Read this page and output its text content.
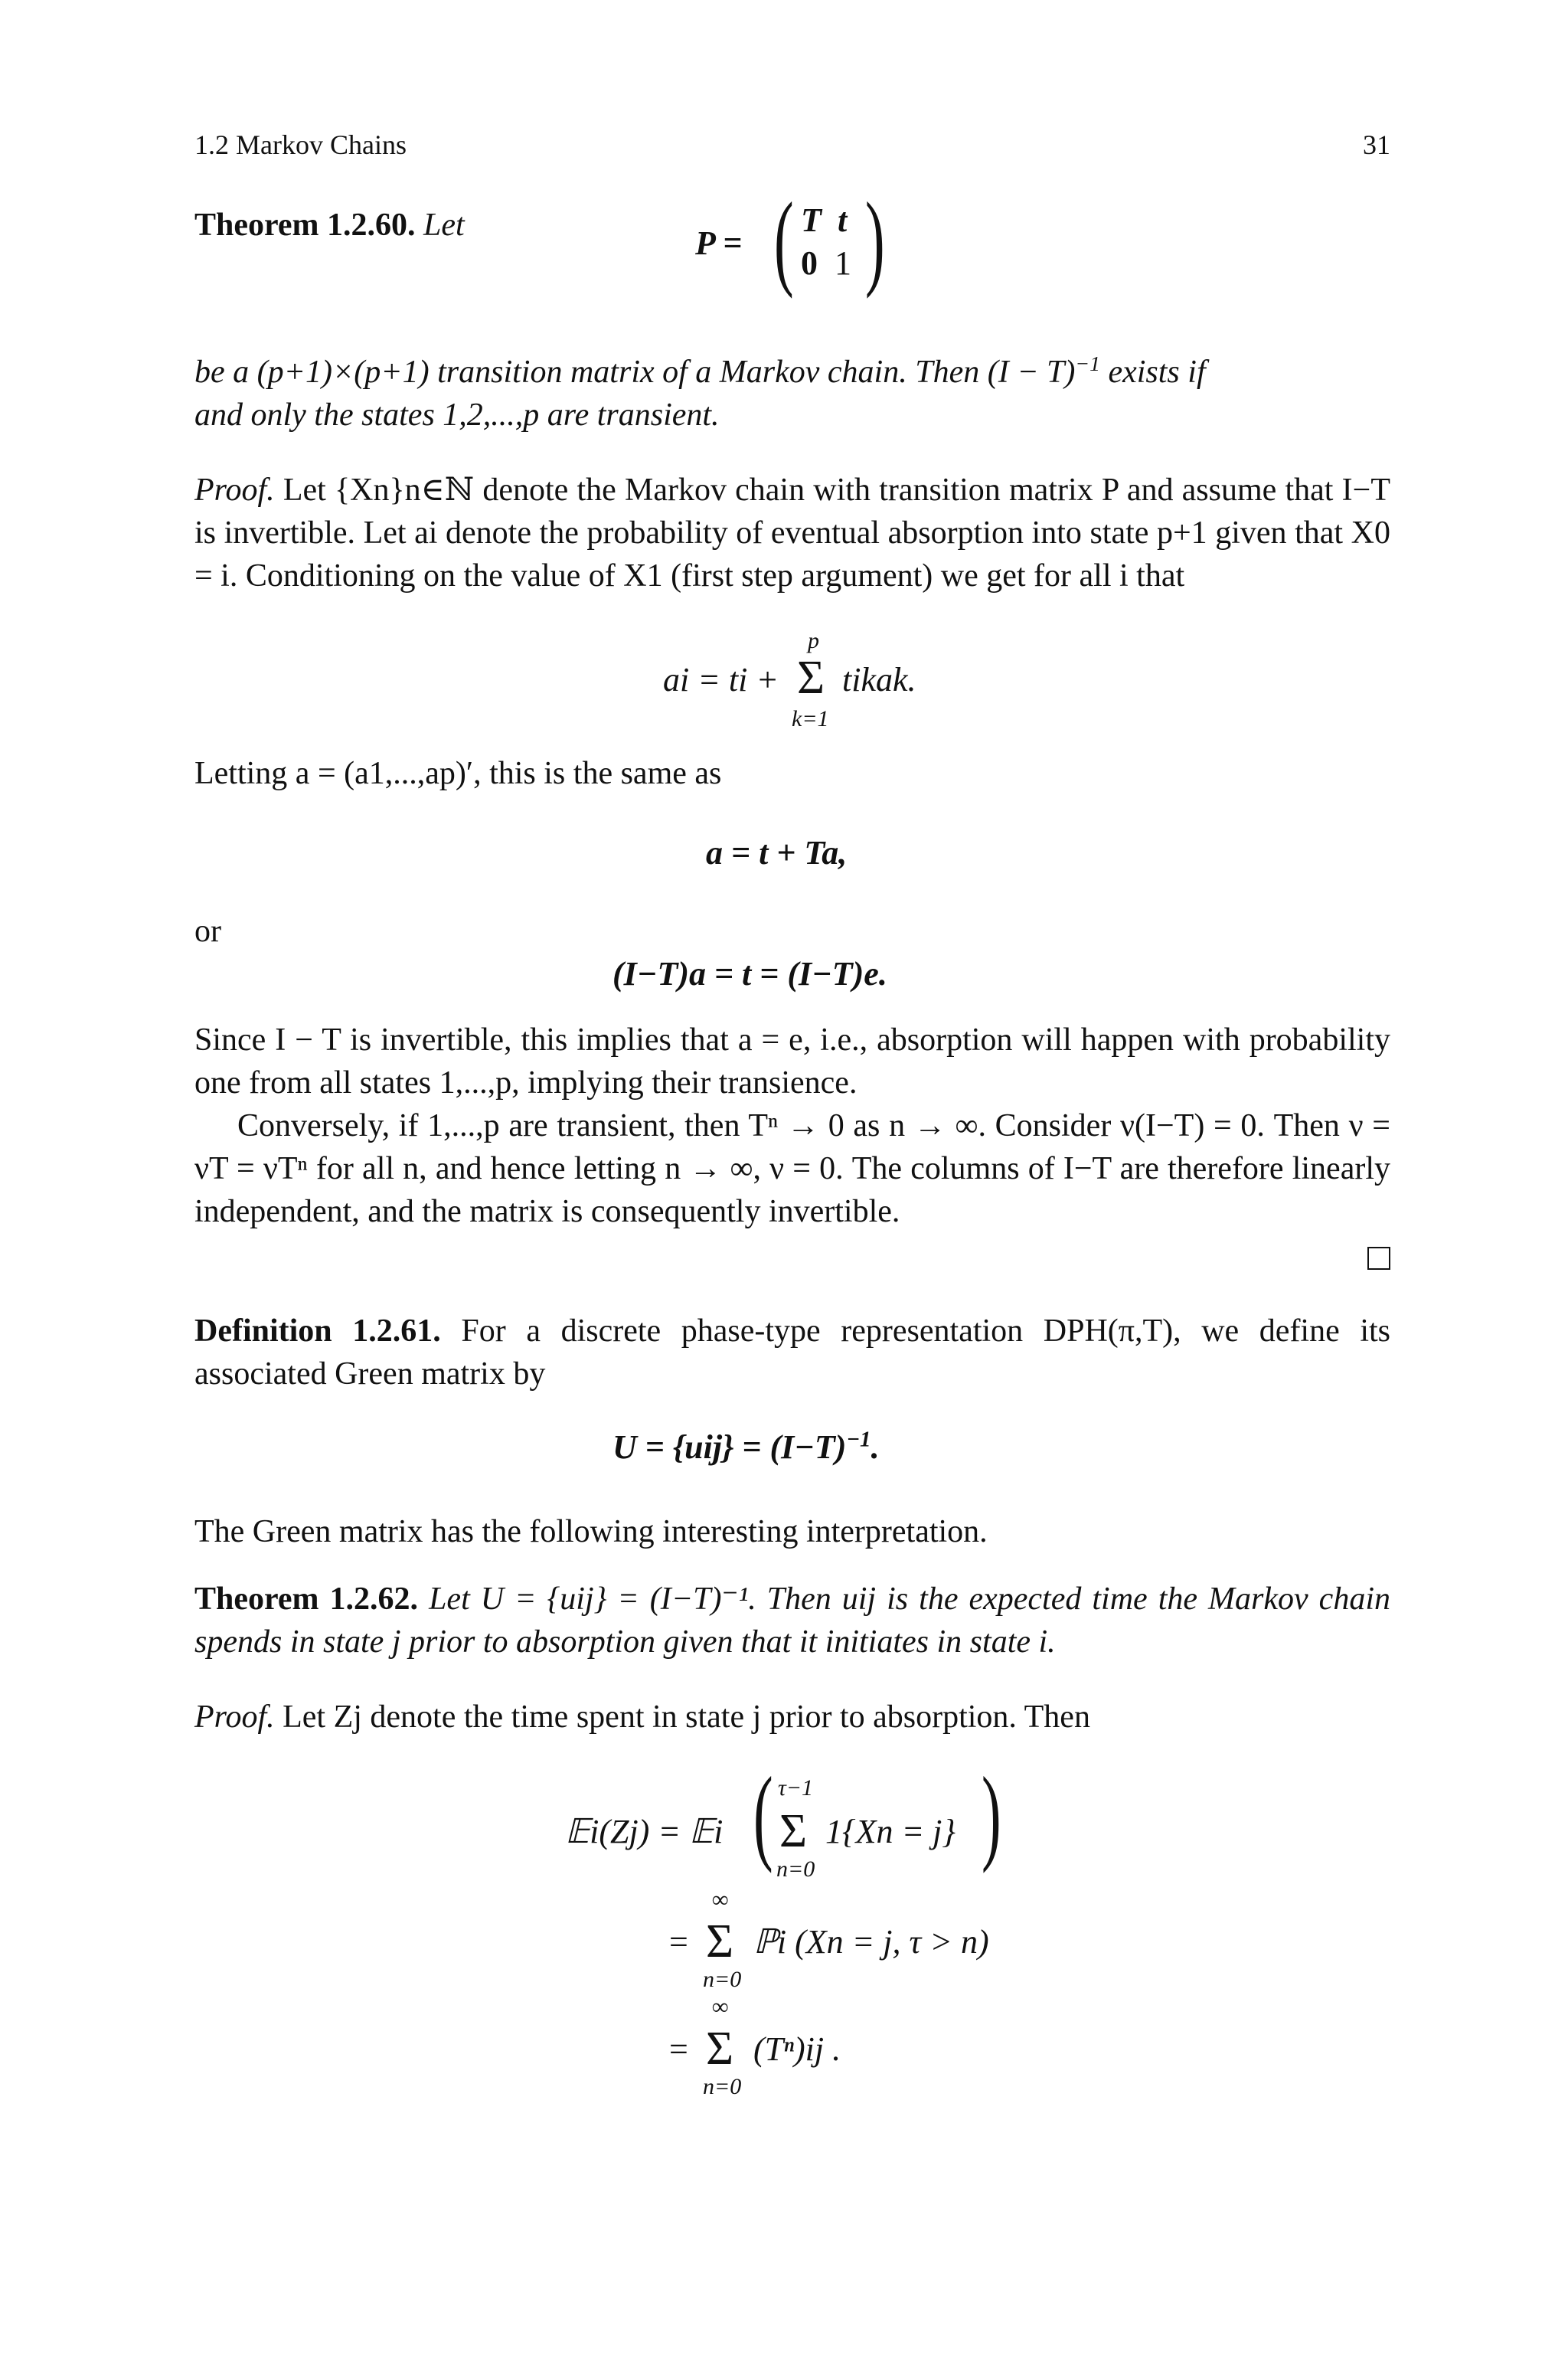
1.2 Markov Chains	31
Theorem 1.2.60. Let	P = ( T t
0 1 )
be a (p+1)×(p+1) transition matrix of a Markov chain. Then $(I - T)^{-1}$ exists if
and only the states 1,2,...,p are transient.
Proof. Let {Xn}n∈ℕ denote the Markov chain with transition matrix P and assume that I−T is invertible. Let ai denote the probability of eventual absorption into state p+1 given that X0 = i. Conditioning on the value of X1 (first step argument) we get for all i that
p
ai = ti + Σ tikak.
k=1
Letting a = (a1,...,ap)′, this is the same as
a = t + Ta,
or
(I−T)a = t = (I−T)e.
Since I − T is invertible, this implies that a = e, i.e., absorption will happen with probability one from all states 1,...,p, implying their transience.
Conversely, if 1,...,p are transient, then Tⁿ → 0 as n → ∞. Consider ν(I−T) = 0. Then ν = νT = νTⁿ for all n, and hence letting n → ∞, ν = 0. The columns of I−T are therefore linearly independent, and the matrix is consequently invertible.
Definition 1.2.61. For a discrete phase-type representation DPH(π,T), we define its associated Green matrix by
$U = \{uij\} = (I-T)^{-1}$.
The Green matrix has the following interesting interpretation.
Theorem 1.2.62. Let U = {uij} = (I−T)⁻¹. Then uij is the expected time the Markov chain spends in state j prior to absorption given that it initiates in state i.
Proof. Let Zj denote the time spent in state j prior to absorption. Then
𝔼i(Zj) = 𝔼i ( τ−1
Σ
n=0
1{Xn = j} )
=
∞
Σ
n=0
ℙi (Xn = j, τ > n)
=
∞
Σ
n=0
(Tⁿ)ij .
